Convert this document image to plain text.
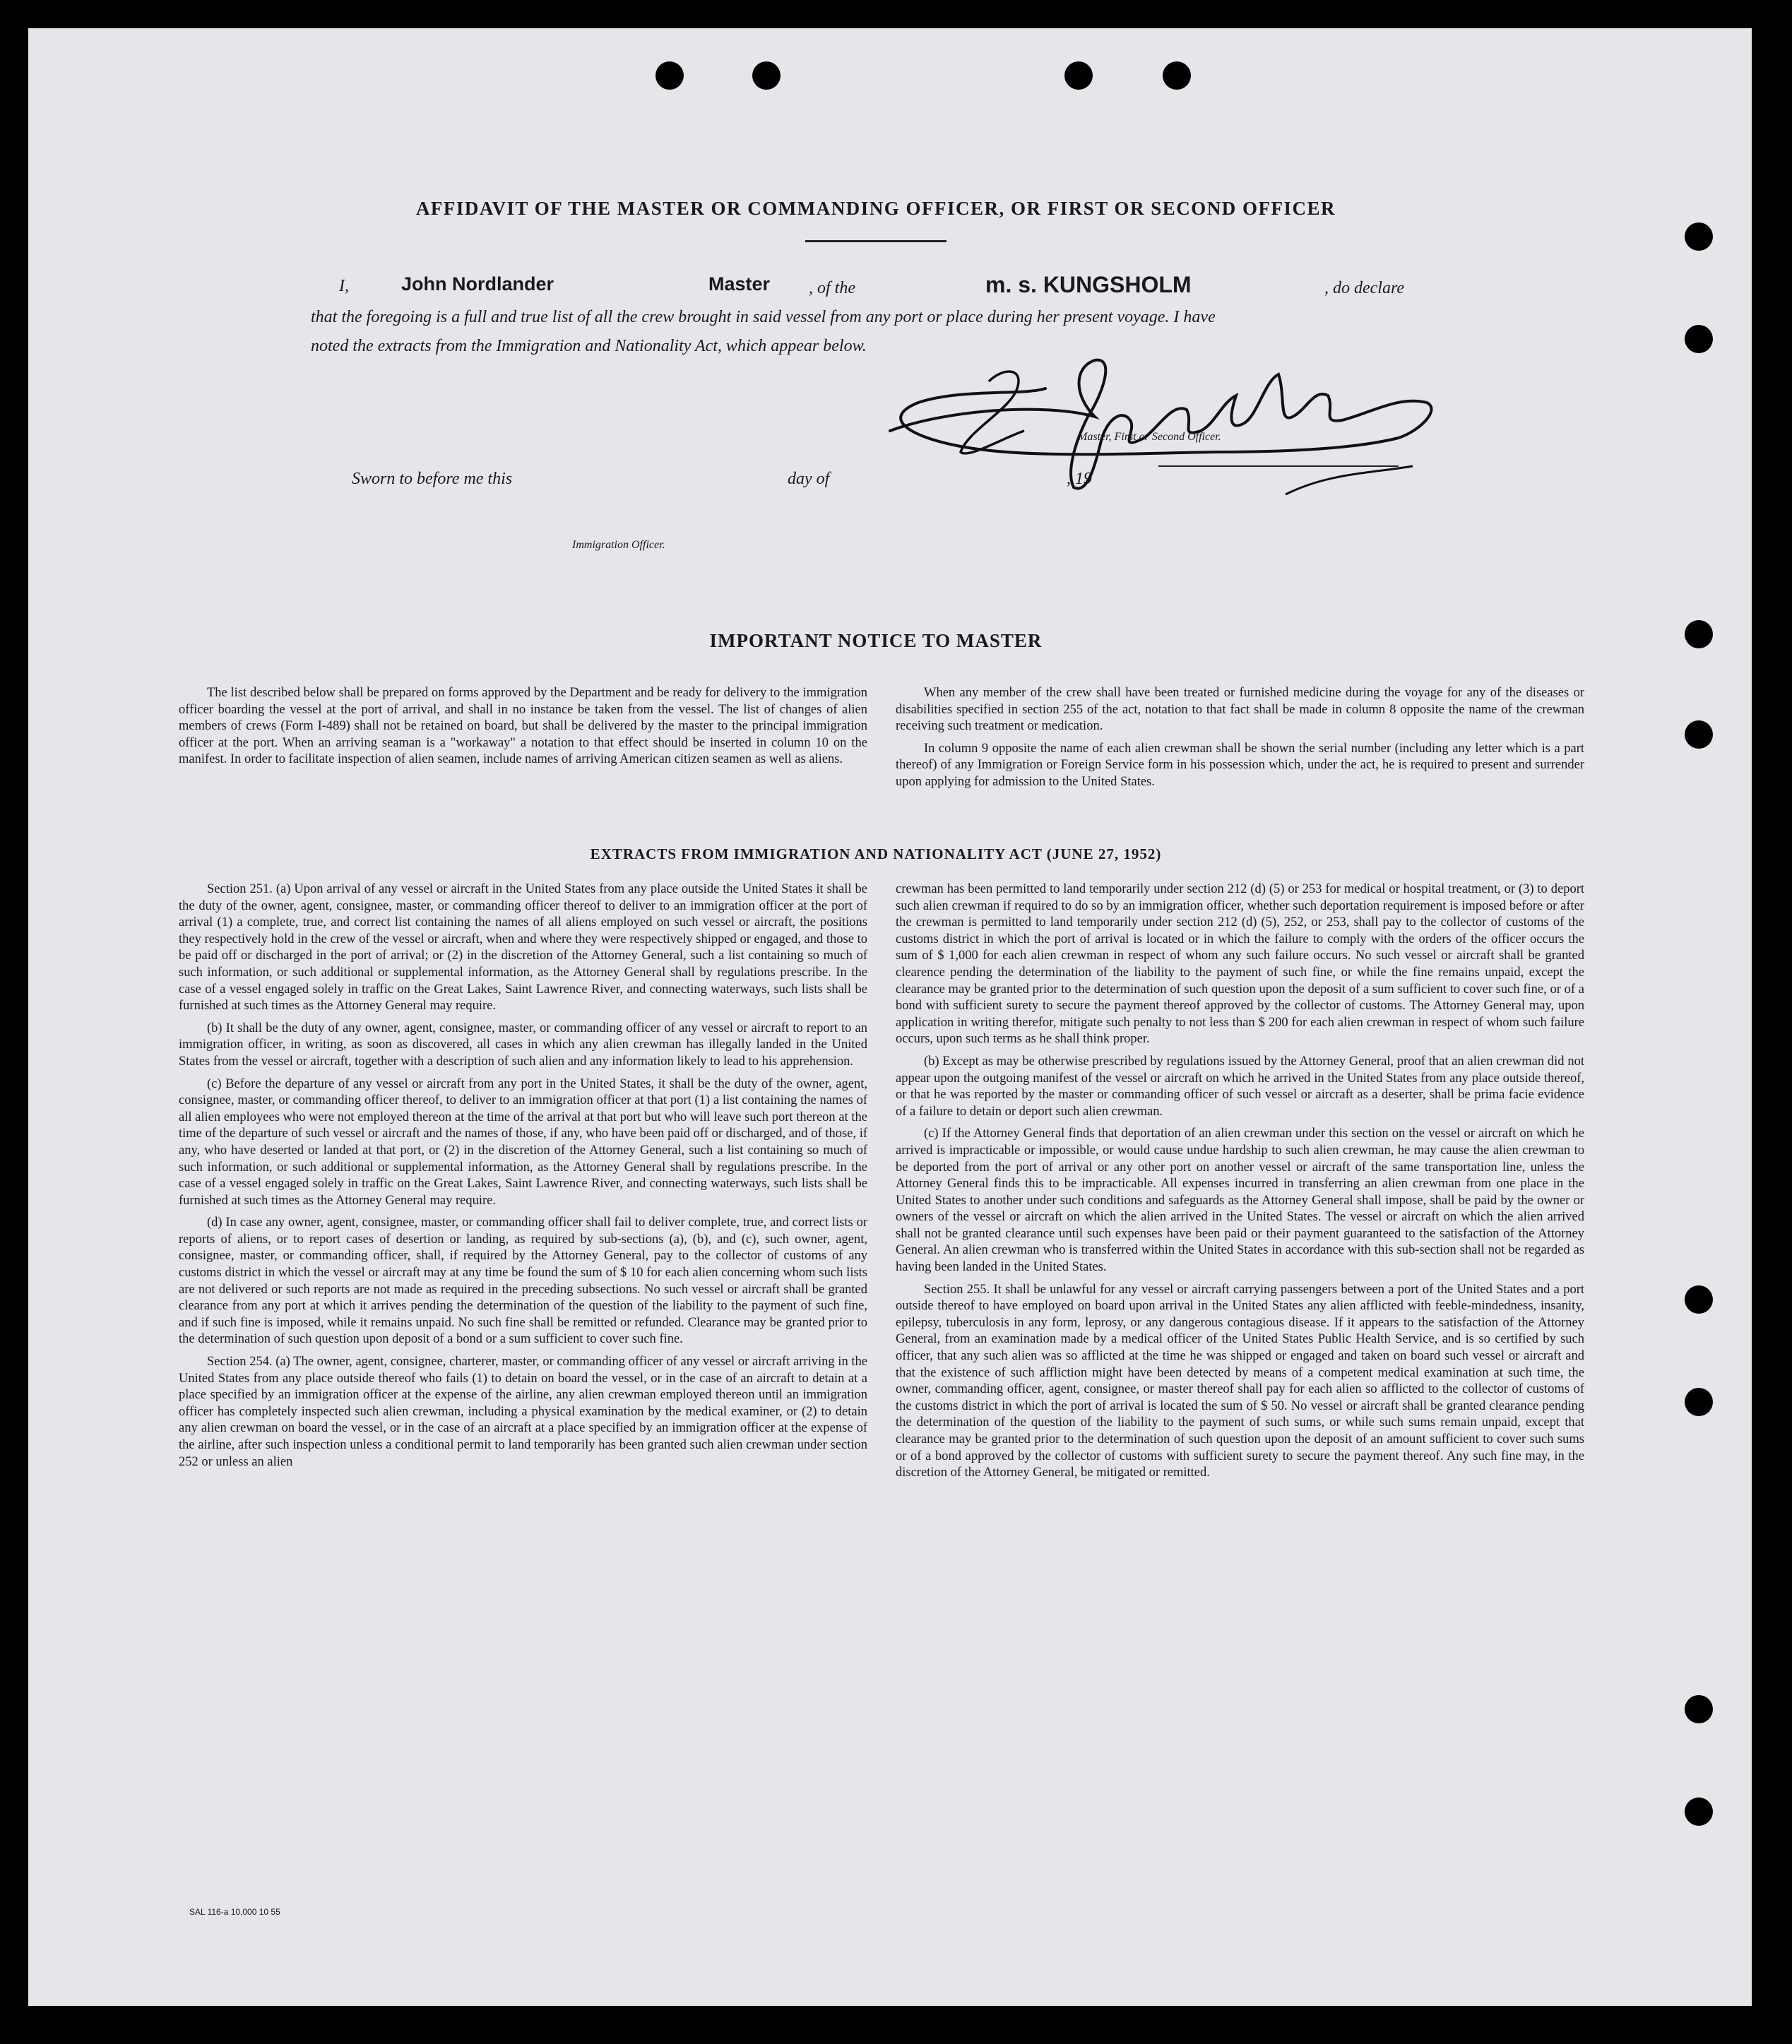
AFFIDAVIT OF THE MASTER OR COMMANDING OFFICER, OR FIRST OR SECOND OFFICER
I,	John Nordlander	Master , of the	m. s. KUNGSHOLM	, do declare
that the foregoing is a full and true list of all the crew brought in said vessel from any port or place during her present voyage. I have
noted the extracts from the Immigration and Nationality Act, which appear below.
Master, First or Second Officer.
Sworn to before me this	day of	, 19
Immigration Officer.
IMPORTANT NOTICE TO MASTER

The list described below shall be prepared on forms approved by the Department and be ready for delivery to the immigration officer boarding the vessel at the port of arrival, and shall in no instance be taken from the vessel. The list of changes of alien members of crews (Form I-489) shall not be retained on board, but shall be delivered by the master to the principal immigration officer at the port. When an arriving seaman is a "workaway" a notation to that effect should be inserted in column 10 on the manifest. In order to facilitate inspection of alien seamen, include names of arriving American citizen seamen as well as aliens.

When any member of the crew shall have been treated or furnished medicine during the voyage for any of the diseases or disabilities specified in section 255 of the act, notation to that fact shall be made in column 8 opposite the name of the crewman receiving such treatment or medication.

In column 9 opposite the name of each alien crewman shall be shown the serial number (including any letter which is a part thereof) of any Immigration or Foreign Service form in his possession which, under the act, he is required to present and surrender upon applying for admission to the United States.

EXTRACTS FROM IMMIGRATION AND NATIONALITY ACT (JUNE 27, 1952)

Section 251. (a) Upon arrival of any vessel or aircraft in the United States from any place outside the United States it shall be the duty of the owner, agent, consignee, master, or commanding officer thereof to deliver to an immigration officer at the port of arrival (1) a complete, true, and correct list containing the names of all aliens employed on such vessel or aircraft, the positions they respectively hold in the crew of the vessel or aircraft, when and where they were respectively shipped or engaged, and those to be paid off or discharged in the port of arrival; or (2) in the discretion of the Attorney General, such a list containing so much of such information, or such additional or supplemental information, as the Attorney General shall by regulations prescribe. In the case of a vessel engaged solely in traffic on the Great Lakes, Saint Lawrence River, and connecting waterways, such lists shall be furnished at such times as the Attorney General may require.

(b) It shall be the duty of any owner, agent, consignee, master, or commanding officer of any vessel or aircraft to report to an immigration officer, in writing, as soon as discovered, all cases in which any alien crewman has illegally landed in the United States from the vessel or aircraft, together with a description of such alien and any information likely to lead to his apprehension.

(c) Before the departure of any vessel or aircraft from any port in the United States, it shall be the duty of the owner, agent, consignee, master, or commanding officer thereof, to deliver to an immigration officer at that port (1) a list containing the names of all alien employees who were not employed thereon at the time of the arrival at that port but who will leave such port thereon at the time of the departure of such vessel or aircraft and the names of those, if any, who have been paid off or discharged, and of those, if any, who have deserted or landed at that port, or (2) in the discretion of the Attorney General, such a list containing so much of such information, or such additional or supplemental information, as the Attorney General shall by regulations prescribe. In the case of a vessel engaged solely in traffic on the Great Lakes, Saint Lawrence River, and connecting waterways, such lists shall be furnished at such times as the Attorney General may require.

(d) In case any owner, agent, consignee, master, or commanding officer shall fail to deliver complete, true, and correct lists or reports of aliens, or to report cases of desertion or landing, as required by sub-sections (a), (b), and (c), such owner, agent, consignee, master, or commanding officer, shall, if required by the Attorney General, pay to the collector of customs of any customs district in which the vessel or aircraft may at any time be found the sum of $ 10 for each alien concerning whom such lists are not delivered or such reports are not made as required in the preceding subsections. No such vessel or aircraft shall be granted clearance from any port at which it arrives pending the determination of the question of the liability to the payment of such fine, and if such fine is imposed, while it remains unpaid. No such fine shall be remitted or refunded. Clearance may be granted prior to the determination of such question upon deposit of a bond or a sum sufficient to cover such fine.

Section 254. (a) The owner, agent, consignee, charterer, master, or commanding officer of any vessel or aircraft arriving in the United States from any place outside thereof who fails (1) to detain on board the vessel, or in the case of an aircraft to detain at a place specified by an immigration officer at the expense of the airline, any alien crewman employed thereon until an immigration officer has completely inspected such alien crewman, including a physical examination by the medical examiner, or (2) to detain any alien crewman on board the vessel, or in the case of an aircraft at a place specified by an immigration officer at the expense of the airline, after such inspection unless a conditional permit to land temporarily has been granted such alien crewman under section 252 or unless an alien

crewman has been permitted to land temporarily under section 212 (d) (5) or 253 for medical or hospital treatment, or (3) to deport such alien crewman if required to do so by an immigration officer, whether such deportation requirement is imposed before or after the crewman is permitted to land temporarily under section 212 (d) (5), 252, or 253, shall pay to the collector of customs of the customs district in which the port of arrival is located or in which the failure to comply with the orders of the officer occurs the sum of $ 1,000 for each alien crewman in respect of whom any such failure occurs. No such vessel or aircraft shall be granted clearence pending the determination of the liability to the payment of such fine, or while the fine remains unpaid, except the clearance may be granted prior to the determination of such question upon the deposit of a sum sufficient to cover such fine, or of a bond with sufficient surety to secure the payment thereof approved by the collector of customs. The Attorney General may, upon application in writing therefor, mitigate such penalty to not less than $ 200 for each alien crewman in respect of whom such failure occurs, upon such terms as he shall think proper.

(b) Except as may be otherwise prescribed by regulations issued by the Attorney General, proof that an alien crewman did not appear upon the outgoing manifest of the vessel or aircraft on which he arrived in the United States from any place outside thereof, or that he was reported by the master or commanding officer of such vessel or aircraft as a deserter, shall be prima facie evidence of a failure to detain or deport such alien crewman.

(c) If the Attorney General finds that deportation of an alien crewman under this section on the vessel or aircraft on which he arrived is impracticable or impossible, or would cause undue hardship to such alien crewman, he may cause the alien crewman to be deported from the port of arrival or any other port on another vessel or aircraft of the same transportation line, unless the Attorney General finds this to be impracticable. All expenses incurred in transferring an alien crewman from one place in the United States to another under such conditions and safeguards as the Attorney General shall impose, shall be paid by the owner or owners of the vessel or aircraft on which the alien arrived in the United States. The vessel or aircraft on which the alien arrived shall not be granted clearance until such expenses have been paid or their payment guaranteed to the satisfaction of the Attorney General. An alien crewman who is transferred within the United States in accordance with this sub-section shall not be regarded as having been landed in the United States.

Section 255. It shall be unlawful for any vessel or aircraft carrying passengers between a port of the United States and a port outside thereof to have employed on board upon arrival in the United States any alien afflicted with feeble-mindedness, insanity, epilepsy, tuberculosis in any form, leprosy, or any dangerous contagious disease. If it appears to the satisfaction of the Attorney General, from an examination made by a medical officer of the United States Public Health Service, and is so certified by such officer, that any such alien was so afflicted at the time he was shipped or engaged and taken on board such vessel or aircraft and that the existence of such affliction might have been detected by means of a competent medical examination at such time, the owner, commanding officer, agent, consignee, or master thereof shall pay for each alien so afflicted to the collector of customs of the customs district in which the port of arrival is located the sum of $ 50. No vessel or aircraft shall be granted clearance pending the determination of the question of the liability to the payment of such sums, or while such sums remain unpaid, except that clearance may be granted prior to the determination of such question upon the deposit of an amount sufficient to cover such sums or of a bond approved by the collector of customs with sufficient surety to secure the payment thereof. Any such fine may, in the discretion of the Attorney General, be mitigated or remitted.

SAL 116-a 10,000 10 55
